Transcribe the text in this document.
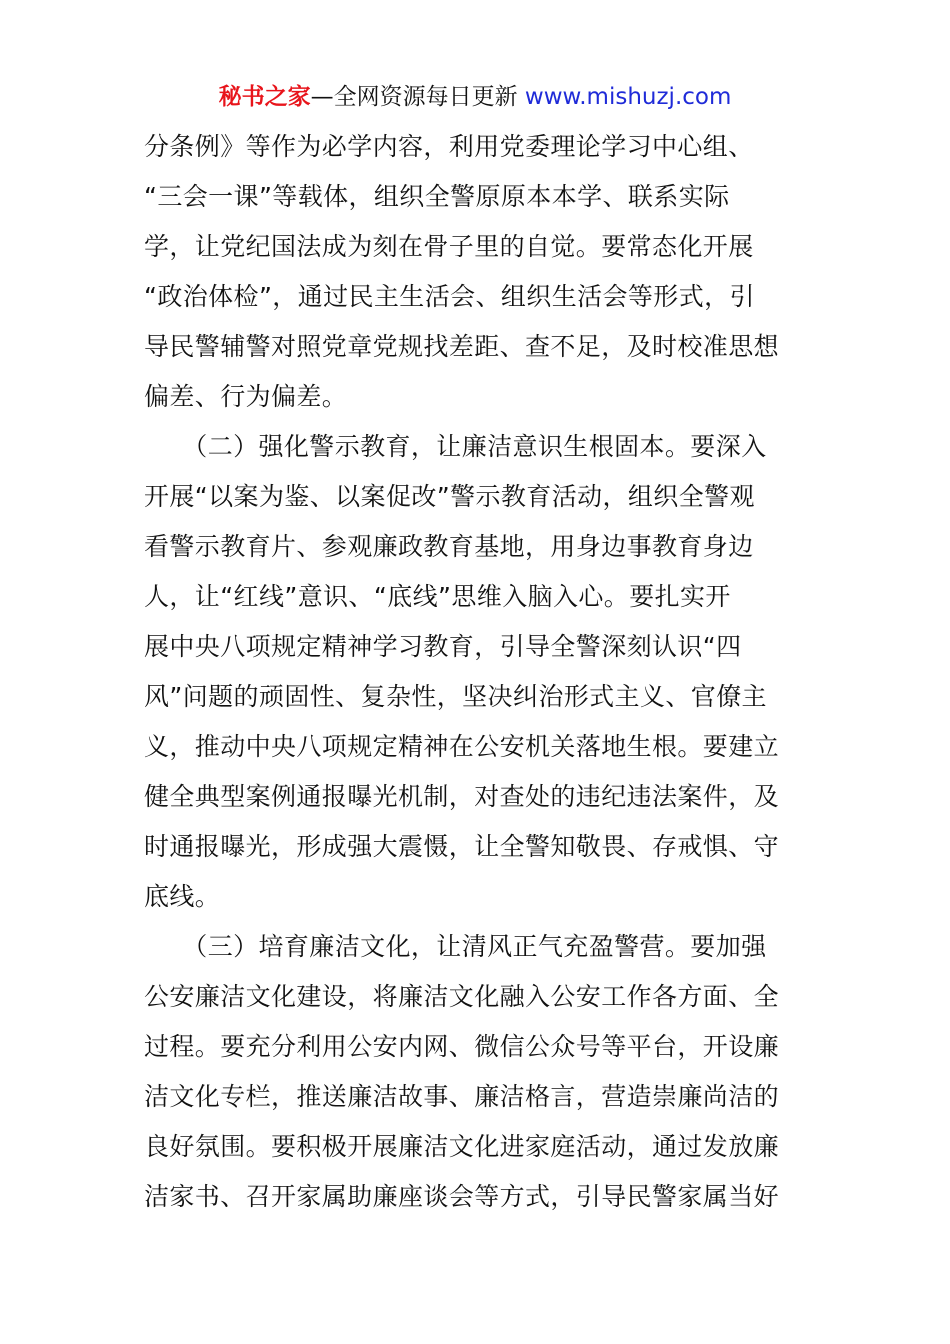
秘书之家—全网资源每日更新 www.mishuzj.com
分条例》等作为必学内容，利用党委理论学习中心组、
“三会一课”等载体，组织全警原原本本学、联系实际
学，让党纪国法成为刻在骨子里的自觉。要常态化开展
“政治体检”，通过民主生活会、组织生活会等形式，引
导民警辅警对照党章党规找差距、查不足，及时校准思想
偏差、行为偏差。
　　（二）强化警示教育，让廉洁意识生根固本。要深入
开展“以案为鉴、以案促改”警示教育活动，组织全警观
看警示教育片、参观廉政教育基地，用身边事教育身边
人，让“红线”意识、“底线”思维入脑入心。要扎实开
展中央八项规定精神学习教育，引导全警深刻认识“四
风”问题的顽固性、复杂性，坚决纠治形式主义、官僚主
义，推动中央八项规定精神在公安机关落地生根。要建立
健全典型案例通报曝光机制，对查处的违纪违法案件，及
时通报曝光，形成强大震慑，让全警知敬畏、存戒惧、守
底线。
　　（三）培育廉洁文化，让清风正气充盈警营。要加强
公安廉洁文化建设，将廉洁文化融入公安工作各方面、全
过程。要充分利用公安内网、微信公众号等平台，开设廉
洁文化专栏，推送廉洁故事、廉洁格言，营造崇廉尚洁的
良好氛围。要积极开展廉洁文化进家庭活动，通过发放廉
洁家书、召开家属助廉座谈会等方式，引导民警家属当好
